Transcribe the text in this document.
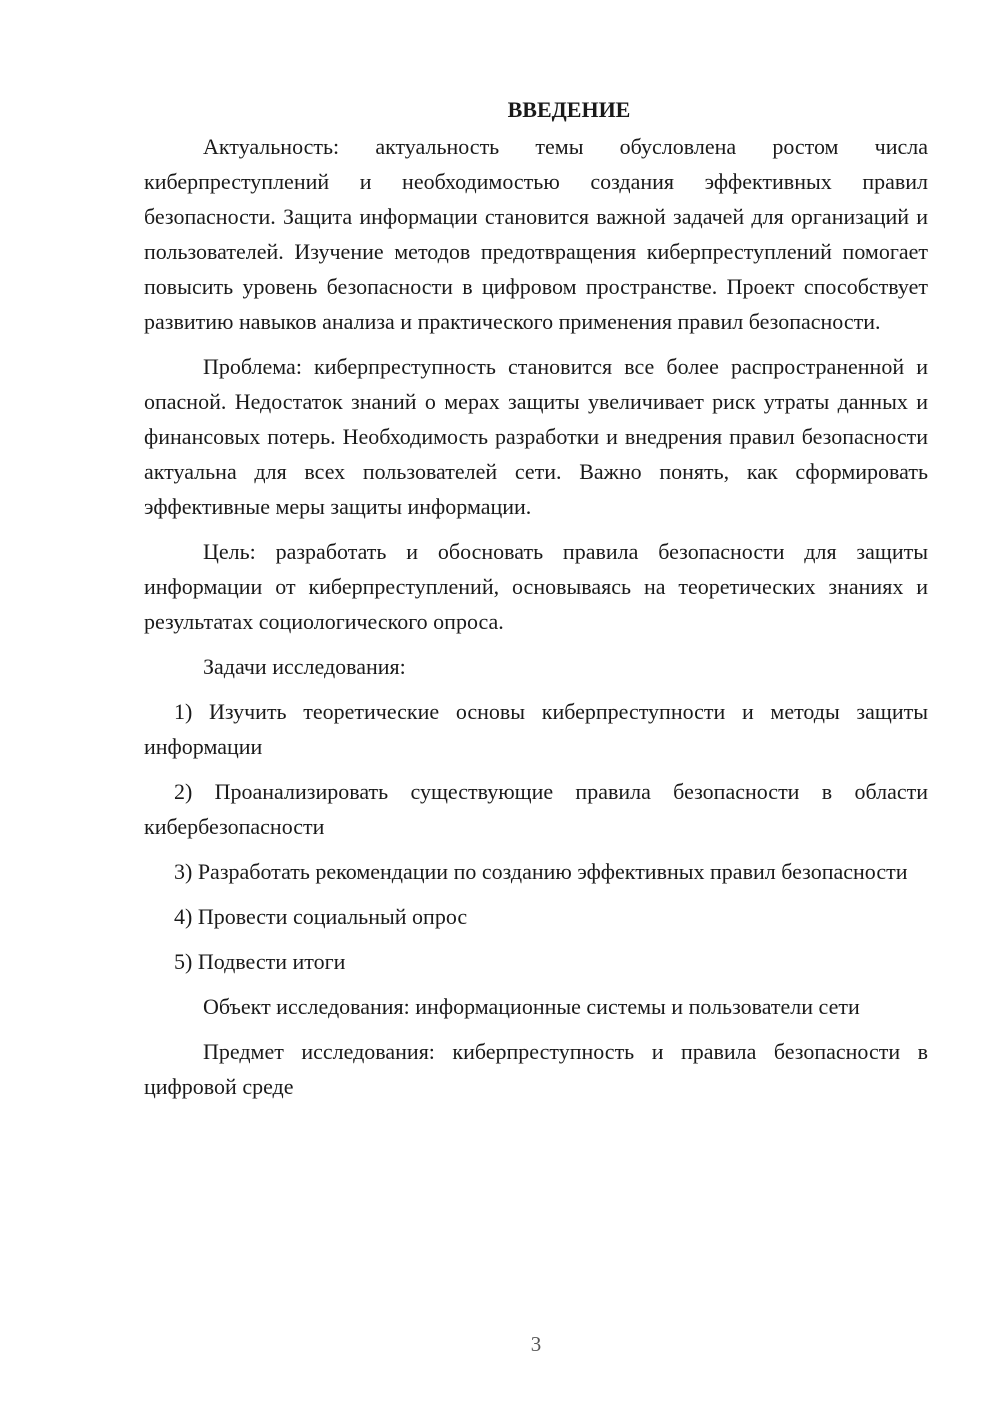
ВВЕДЕНИЕ

Актуальность: актуальность темы обусловлена ростом числа киберпреступлений и необходимостью создания эффективных правил безопасности. Защита информации становится важной задачей для организаций и пользователей. Изучение методов предотвращения киберпреступлений помогает повысить уровень безопасности в цифровом пространстве. Проект способствует развитию навыков анализа и практического применения правил безопасности.

Проблема: киберпреступность становится все более распространенной и опасной. Недостаток знаний о мерах защиты увеличивает риск утраты данных и финансовых потерь. Необходимость разработки и внедрения правил безопасности актуальна для всех пользователей сети. Важно понять, как сформировать эффективные меры защиты информации.

Цель: разработать и обосновать правила безопасности для защиты информации от киберпреступлений, основываясь на теоретических знаниях и результатах социологического опроса.

Задачи исследования:

1) Изучить теоретические основы киберпреступности и методы защиты информации

2) Проанализировать существующие правила безопасности в области кибербезопасности

3) Разработать рекомендации по созданию эффективных правил безопасности

4) Провести социальный опрос

5) Подвести итоги

Объект исследования: информационные системы и пользователи сети

Предмет исследования: киберпреступность и правила безопасности в цифровой среде

3
